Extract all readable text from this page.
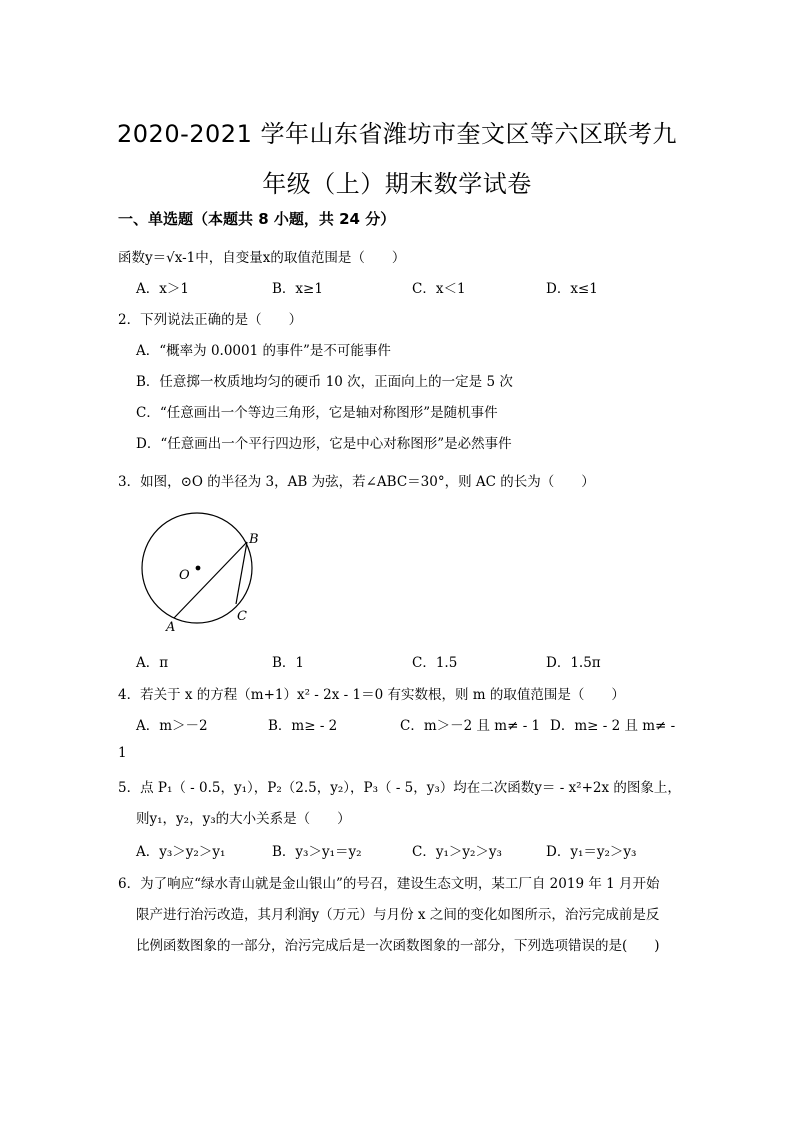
2020-2021 学年山东省潍坊市奎文区等六区联考九
年级（上）期末数学试卷
一、单选题（本题共 8 小题，共 24 分）
函数y＝√x-1中，自变量x的取值范围是（　　）
A．x＞1	B．x≥1	C．x＜1	D．x≤1
2．下列说法正确的是（　　）
A．“概率为 0.0001 的事件”是不可能事件
B．任意掷一枚质地均匀的硬币 10 次，正面向上的一定是 5 次
C．“任意画出一个等边三角形，它是轴对称图形”是随机事件
D．“任意画出一个平行四边形，它是中心对称图形”是必然事件
3．如图，⊙O 的半径为 3，AB 为弦，若∠ABC＝30°，则 AC 的长为（　　）
O
A
B
C
A．π	B．1	C．1.5	D．1.5π
4．若关于 x 的方程（m+1）x² - 2x - 1＝0 有实数根，则 m 的取值范围是（　　）
A．m＞－2	B．m≥ - 2	C．m＞－2 且 m≠ - 1 D．m≥ - 2 且 m≠ -
1
5．点 P₁（ - 0.5，y₁），P₂（2.5，y₂），P₃（ - 5，y₃）均在二次函数y＝ - x²+2x 的图象上，
则y₁，y₂，y₃的大小关系是（　　）
A．y₃＞y₂＞y₁	B．y₃＞y₁＝y₂	C．y₁＞y₂＞y₃	D．y₁＝y₂＞y₃
6．为了响应“绿水青山就是金山银山”的号召，建设生态文明，某工厂自 2019 年 1 月开始
限产进行治污改造，其月利润y（万元）与月份 x 之间的变化如图所示，治污完成前是反
比例函数图象的一部分，治污完成后是一次函数图象的一部分，下列选项错误的是(　　)
